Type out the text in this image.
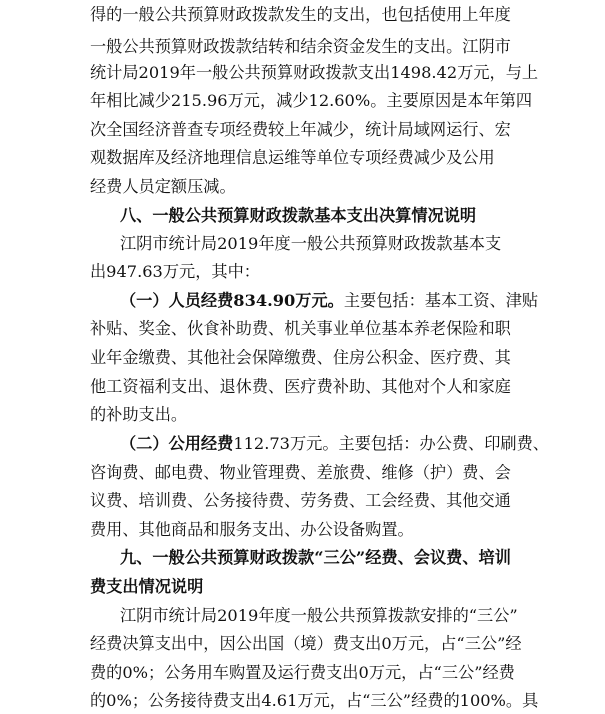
得的一般公共预算财政拨款发生的支出，也包括使用上年度
一般公共预算财政拨款结转和结余资金发生的支出。江阴市
统计局2019年一般公共预算财政拨款支出1498.42万元，与上
年相比减少215.96万元，减少12.60%。主要原因是本年第四
次全国经济普查专项经费较上年减少，统计局域网运行、宏
观数据库及经济地理信息运维等单位专项经费减少及公用
经费人员定额压减。
八、一般公共预算财政拨款基本支出决算情况说明
江阴市统计局2019年度一般公共预算财政拨款基本支
出947.63万元，其中：
（一）人员经费834.90万元。主要包括：基本工资、津贴
补贴、奖金、伙食补助费、机关事业单位基本养老保险和职
业年金缴费、其他社会保障缴费、住房公积金、医疗费、其
他工资福利支出、退休费、医疗费补助、其他对个人和家庭
的补助支出。
（二）公用经费112.73万元。主要包括：办公费、印刷费、
咨询费、邮电费、物业管理费、差旅费、维修（护）费、会
议费、培训费、公务接待费、劳务费、工会经费、其他交通
费用、其他商品和服务支出、办公设备购置。
九、一般公共预算财政拨款“三公”经费、会议费、培训
费支出情况说明
江阴市统计局2019年度一般公共预算拨款安排的“三公”
经费决算支出中，因公出国（境）费支出0万元，占“三公”经
费的0%；公务用车购置及运行费支出0万元，占“三公”经费
的0%；公务接待费支出4.61万元，占“三公”经费的100%。具
